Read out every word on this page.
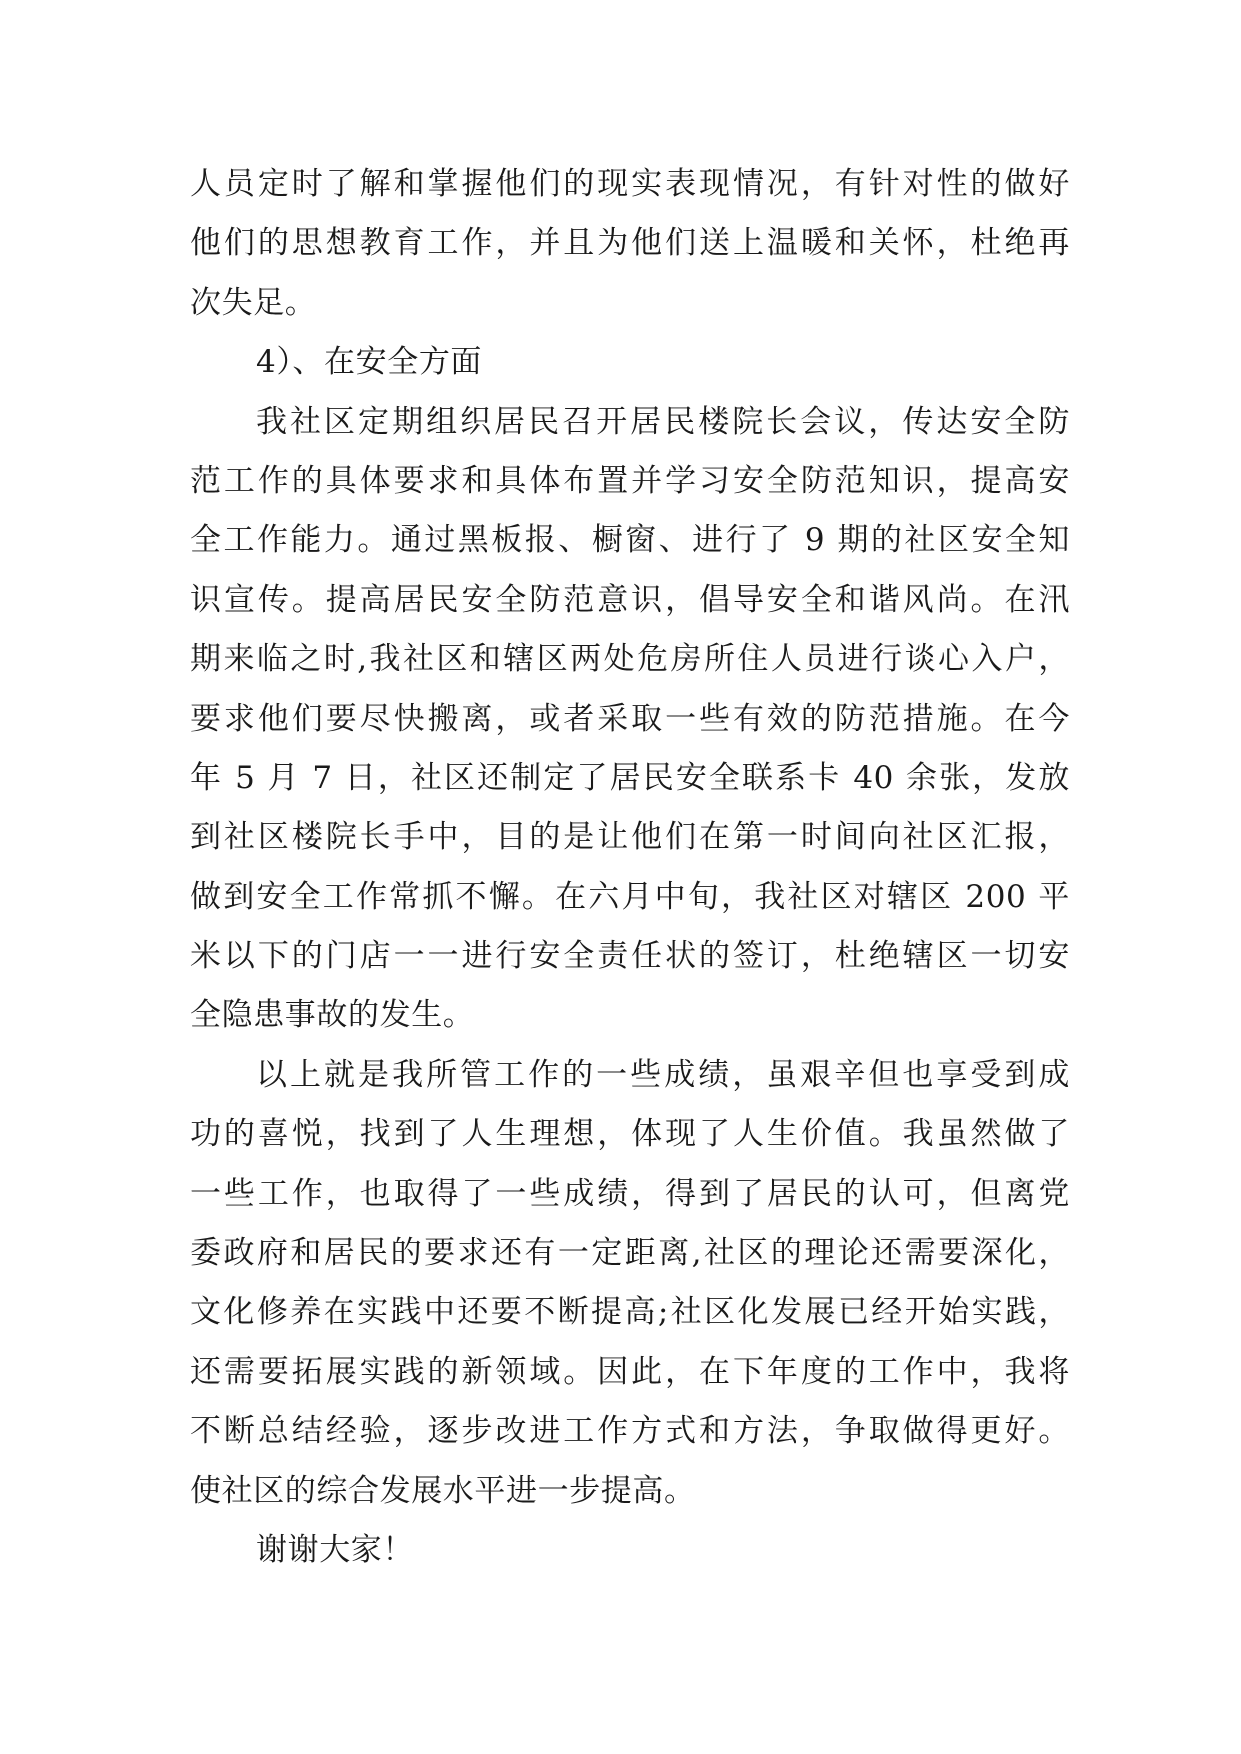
人员定时了解和掌握他们的现实表现情况，有针对性的做好
他们的思想教育工作，并且为他们送上温暖和关怀，杜绝再
次失足。
4）、在安全方面
我社区定期组织居民召开居民楼院长会议，传达安全防
范工作的具体要求和具体布置并学习安全防范知识，提高安
全工作能力。通过黑板报、橱窗、进行了 9 期的社区安全知
识宣传。提高居民安全防范意识，倡导安全和谐风尚。在汛
期来临之时,我社区和辖区两处危房所住人员进行谈心入户，
要求他们要尽快搬离，或者采取一些有效的防范措施。在今
年 5 月 7 日，社区还制定了居民安全联系卡 40 余张，发放
到社区楼院长手中，目的是让他们在第一时间向社区汇报，
做到安全工作常抓不懈。在六月中旬，我社区对辖区 200 平
米以下的门店一一进行安全责任状的签订，杜绝辖区一切安
全隐患事故的发生。
以上就是我所管工作的一些成绩，虽艰辛但也享受到成
功的喜悦，找到了人生理想，体现了人生价值。我虽然做了
一些工作，也取得了一些成绩，得到了居民的认可，但离党
委政府和居民的要求还有一定距离,社区的理论还需要深化，
文化修养在实践中还要不断提高;社区化发展已经开始实践，
还需要拓展实践的新领域。因此，在下年度的工作中，我将
不断总结经验，逐步改进工作方式和方法，争取做得更好。
使社区的综合发展水平进一步提高。
谢谢大家！
